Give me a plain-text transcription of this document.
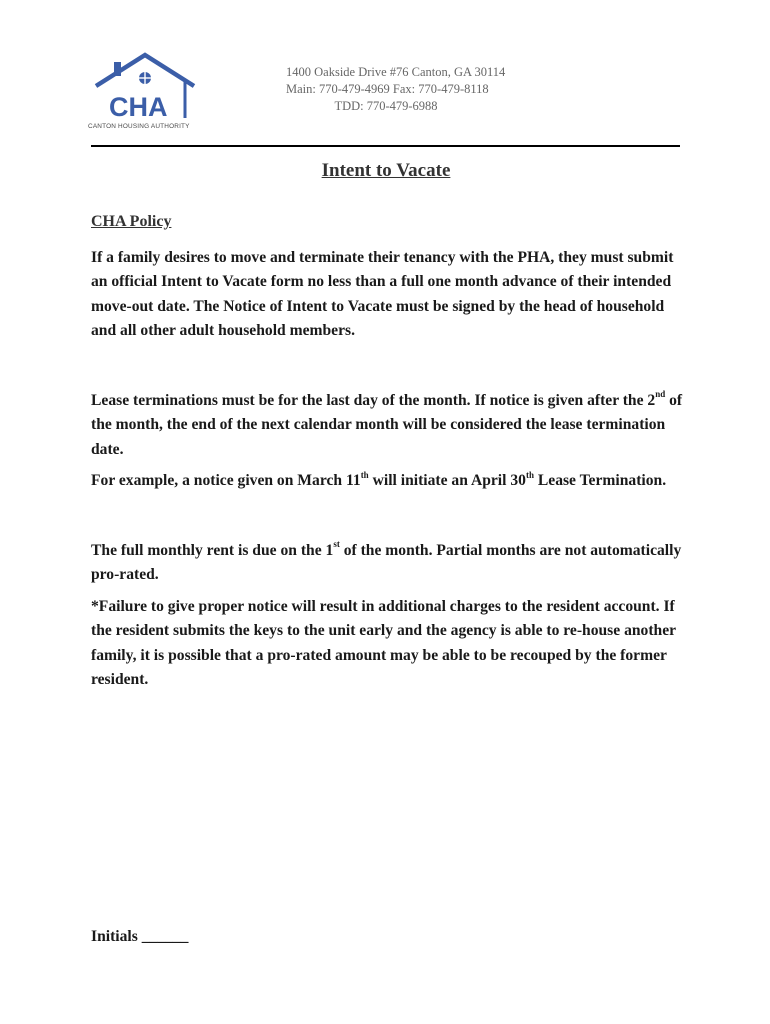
CHA
CANTON HOUSING AUTHORITY
1400 Oakside Drive #76 Canton, GA 30114
Main: 770-479-4969 Fax: 770-479-8118
TDD: 770-479-6988
Intent to Vacate
CHA Policy

If a family desires to move and terminate their tenancy with the PHA, they must submit an official Intent to Vacate form no less than a full one month advance of their intended move-out date. The Notice of Intent to Vacate must be signed by the head of household and all other adult household members.

Lease terminations must be for the last day of the month. If notice is given after the 2nd of the month, the end of the next calendar month will be considered the lease termination date.

For example, a notice given on March 11th will initiate an April 30th Lease Termination.

The full monthly rent is due on the 1st of the month. Partial months are not automatically pro-rated.

*Failure to give proper notice will result in additional charges to the resident account. If the resident submits the keys to the unit early and the agency is able to re-house another family, it is possible that a pro-rated amount may be able to be recouped by the former resident.

Initials ______
